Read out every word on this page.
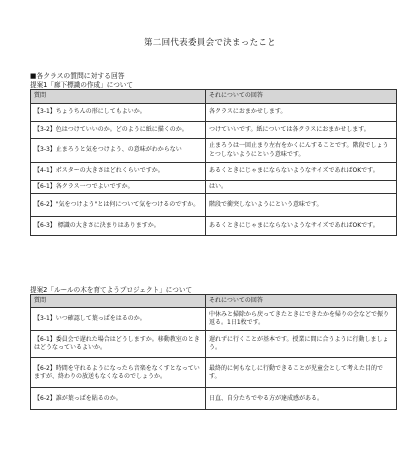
第二回代表委員会で決まったこと
■各クラスの質問に対する回答
提案1「廊下標識の作成」について
質問	それについての回答
【3-1】ちょうちんの形にしてもよいか。	各クラスにおまかせします。
【3-2】色はつけていいのか。どのように紙に描くのか。	つけていいです。紙については各クラスにおまかせします。
【3-3】止まろうと気をつけよう、の意味がわからない	止まろうは一回止まり左右をかくにんすることです。階段でしょうとつしないようにという意味です。
【4-1】ポスターの大きさはどれくらいですか。	あるくときにじゃまにならないようなサイズであればOKです。
【6-1】各クラス一つでよいですか。	はい。
【6-2】"気をつけよう"とは何について気をつけるのですか。	階段で衝突しないようにという意味です。
【6-3】 標識の大きさに決まりはありますか。	あるくときにじゃまにならないようなサイズであればOKです。
提案2「ルールの木を育てようプロジェクト」について
質問	それについての回答
【3-1】いつ確認して葉っぱをはるのか。	中休みと掃除から戻ってきたときにできたかを帰りの会などで振り返る。1日1枚です。
【6-1】委員会で遅れた場合はどうしますか。移動教室のときはどうなっているよいか。	遅れずに行くことが基本です。授業に間に合うように行動しましょう。
【6-2】時間を守れるようになったら音楽をなくすとなっていますが、終わりの放送もなくなるのでしょうか。	最終的に何もなしに行動できることが児童会として考えた目的です。
【6-2】誰が葉っぱを貼るのか。	日直、自分たちでやる方が達成感がある。
